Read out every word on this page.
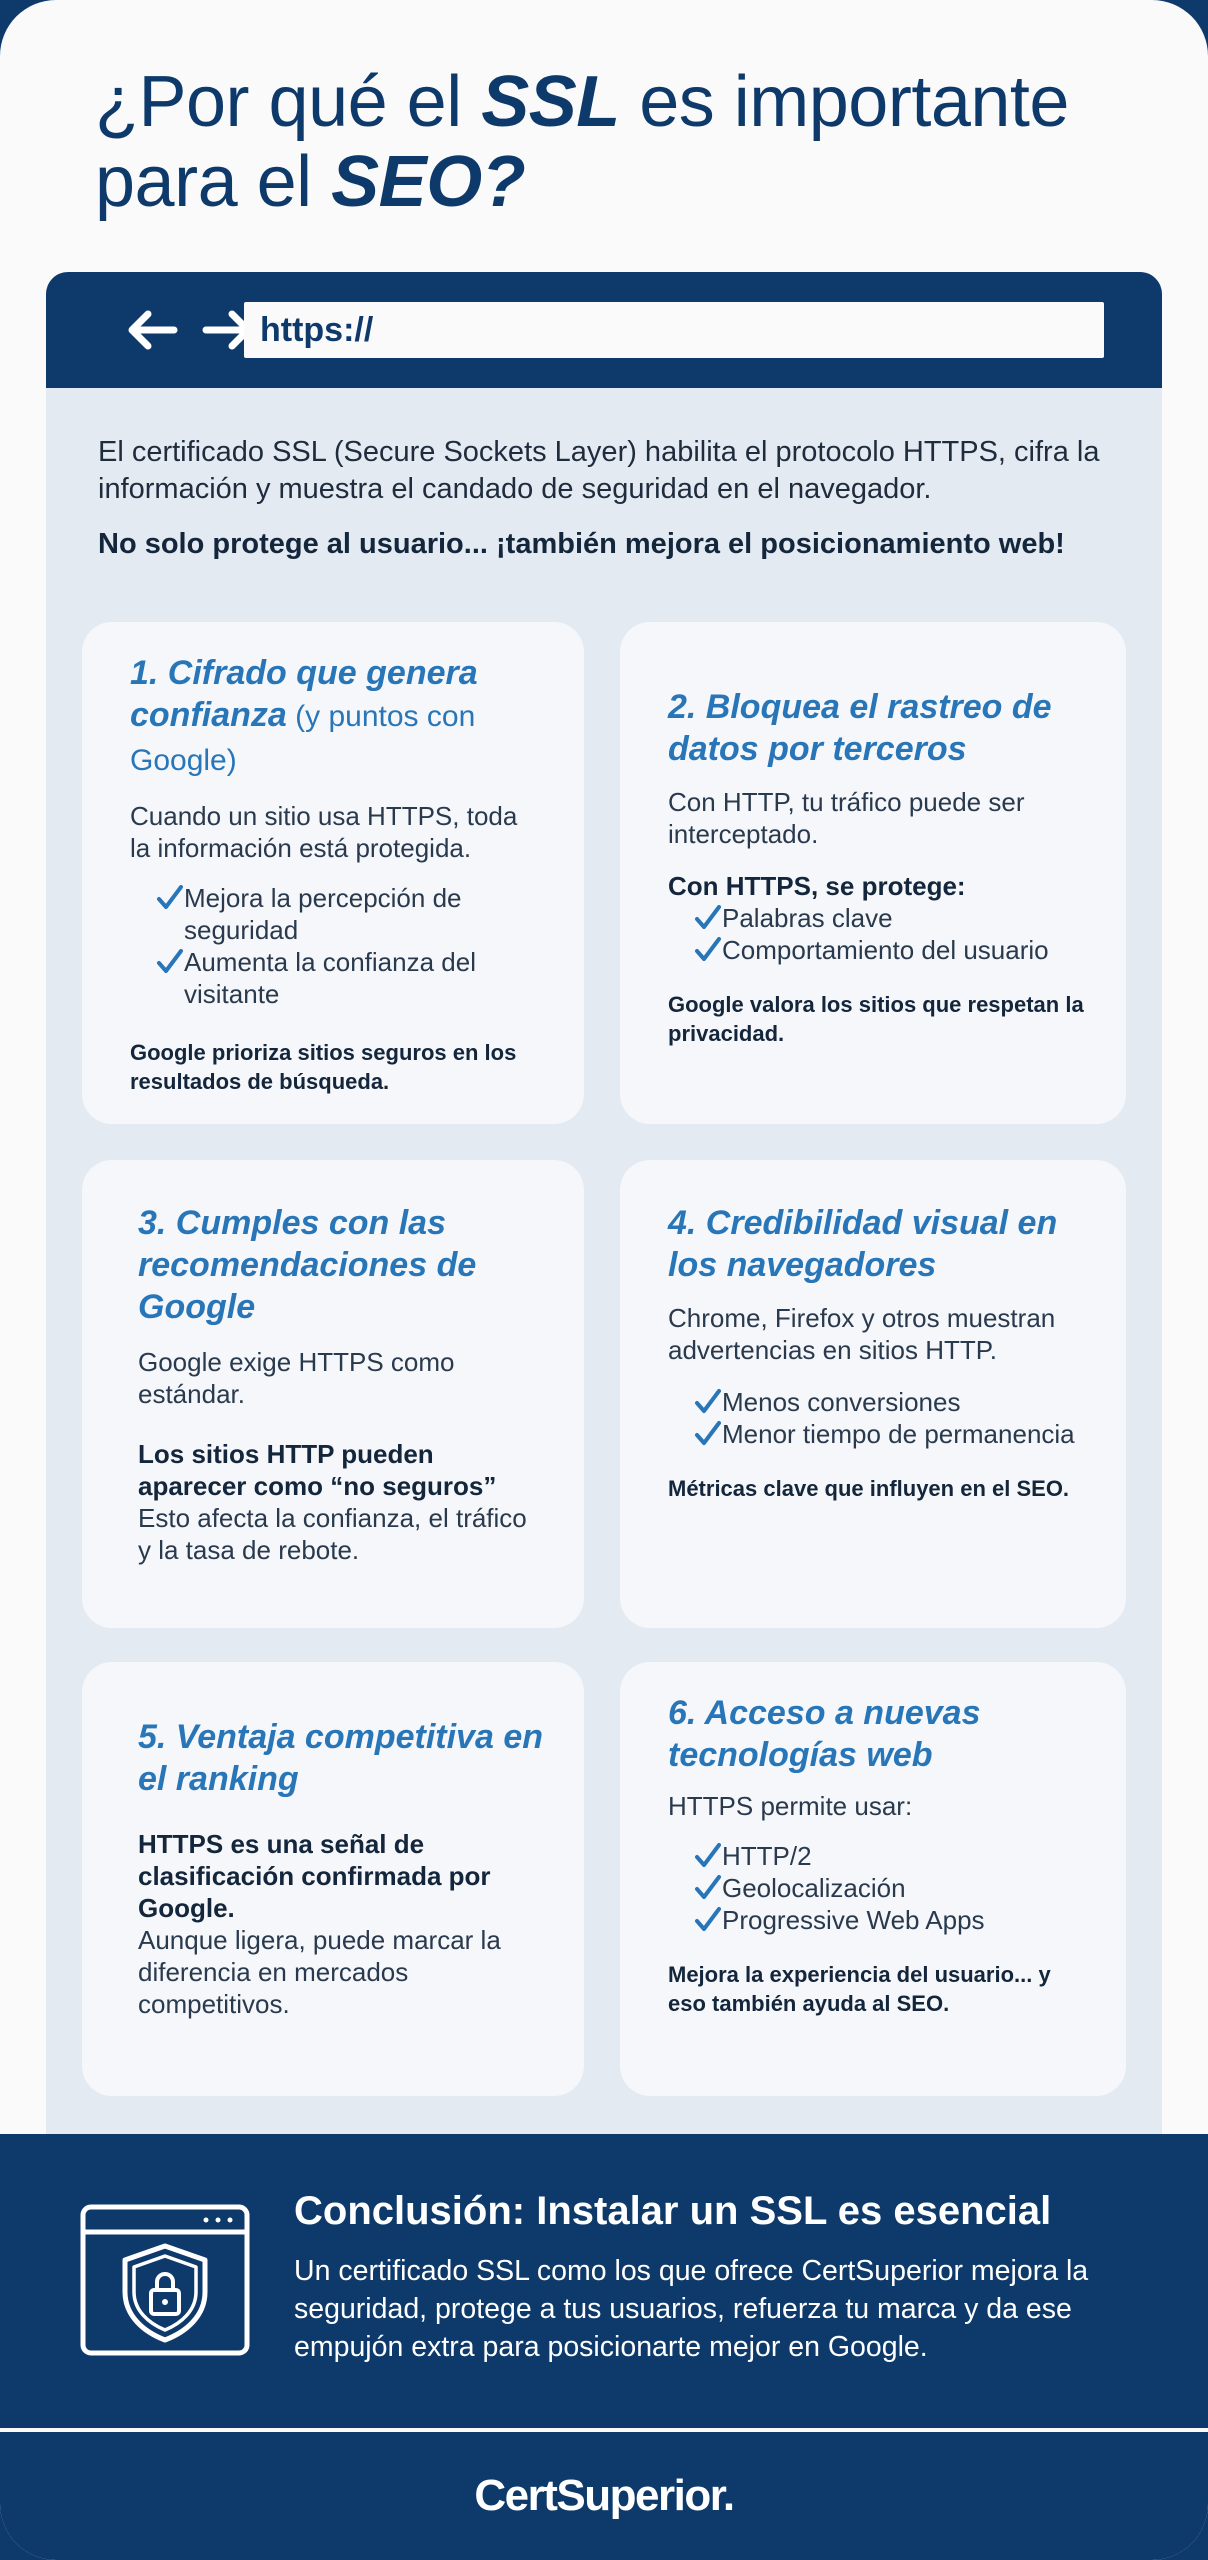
¿Por qué el SSL es importante para el SEO?
https://

El certificado SSL (Secure Sockets Layer) habilita el protocolo HTTPS, cifra la información y muestra el candado de seguridad en el navegador.

No solo protege al usuario... ¡también mejora el posicionamiento web!

1. Cifrado que genera confianza (y puntos con Google)

Cuando un sitio usa HTTPS, toda la información está protegida.

Mejora la percepción de seguridad
Aumenta la confianza del visitante

Google prioriza sitios seguros en los resultados de búsqueda.

2. Bloquea el rastreo de datos por terceros

Con HTTP, tu tráfico puede ser interceptado.

Con HTTPS, se protege:

Palabras clave
Comportamiento del usuario

Google valora los sitios que respetan la privacidad.

3. Cumples con las recomendaciones de Google

Google exige HTTPS como estándar.

Los sitios HTTP pueden aparecer como “no seguros”

Esto afecta la confianza, el tráfico y la tasa de rebote.

4. Credibilidad visual en los navegadores

Chrome, Firefox y otros muestran advertencias en sitios HTTP.

Menos conversiones
Menor tiempo de permanencia

Métricas clave que influyen en el SEO.

5. Ventaja competitiva en el ranking

HTTPS es una señal de clasificación confirmada por Google.

Aunque ligera, puede marcar la diferencia en mercados competitivos.

6. Acceso a nuevas tecnologías web

HTTPS permite usar:

HTTP/2
Geolocalización
Progressive Web Apps

Mejora la experiencia del usuario... y eso también ayuda al SEO.

Conclusión: Instalar un SSL es esencial

Un certificado SSL como los que ofrece CertSuperior mejora la seguridad, protege a tus usuarios, refuerza tu marca y da ese empujón extra para posicionarte mejor en Google.

CertSuperior.
